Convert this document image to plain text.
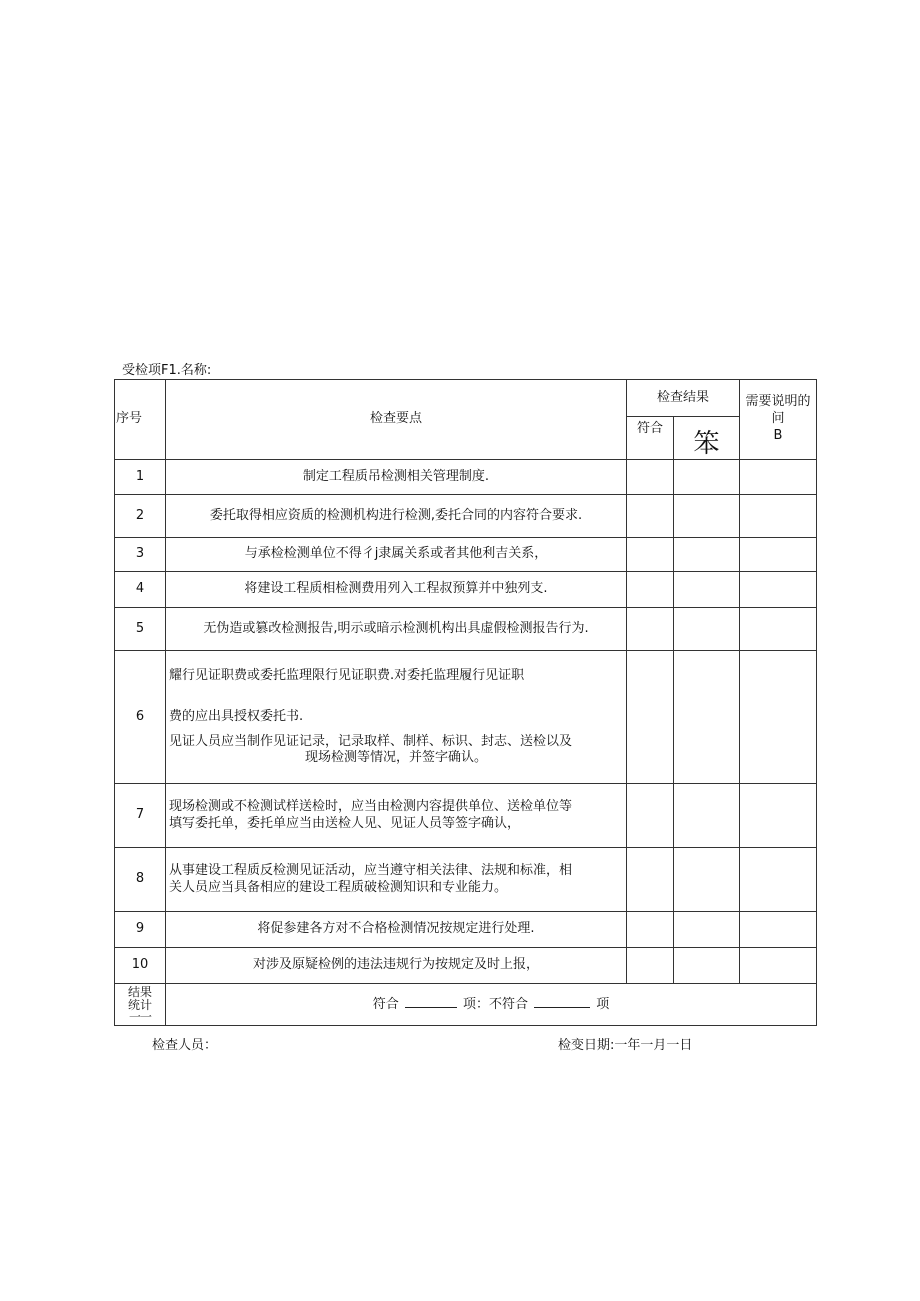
受检项F1.名称:
序号	检查要点	检查结果		需要说明的问
B

		符合	笨	
1	制定工程质吊检测相关管理制度.			
2	委托取得相应资质的检测机构进行检测,委托合同的内容符合要求.			
3	与承检检测单位不得彳j隶属关系或者其他利吉关系，			
4	将建设工程质相检测费用列入工程叔预算并中独列支.			
5	无伪造或篡改检测报告,明示或暗示检测机构出具虚假检测报告行为.			
6	耀行见证职费或委托监理限行见证职费.对委托监理履行见证职

费的应出具授权委托书.

见证人员应当制作见证记录，记录取样、制样、标识、封志、送检以及

现场检测等情况，并签字确认。			

7	现场检测或不检测试样送检时，应当由检测内容提供单位、送检单位等
填写委托单，委托单应当由送检人见、见证人员等签字确认，			

8	从事建设工程质反检测见证活动，应当遵守相关法律、法规和标准，相
关人员应当具备相应的建设工程质破检测知识和专业能力。			

9	将促参建各方对不合格检测情况按规定进行处理.			
10	对涉及原疑检例的违法违规行为按规定及时上报，			

结果
统计
一一	符合 项：不符合 项			
检查人员：	检变日期:一年一月一日
